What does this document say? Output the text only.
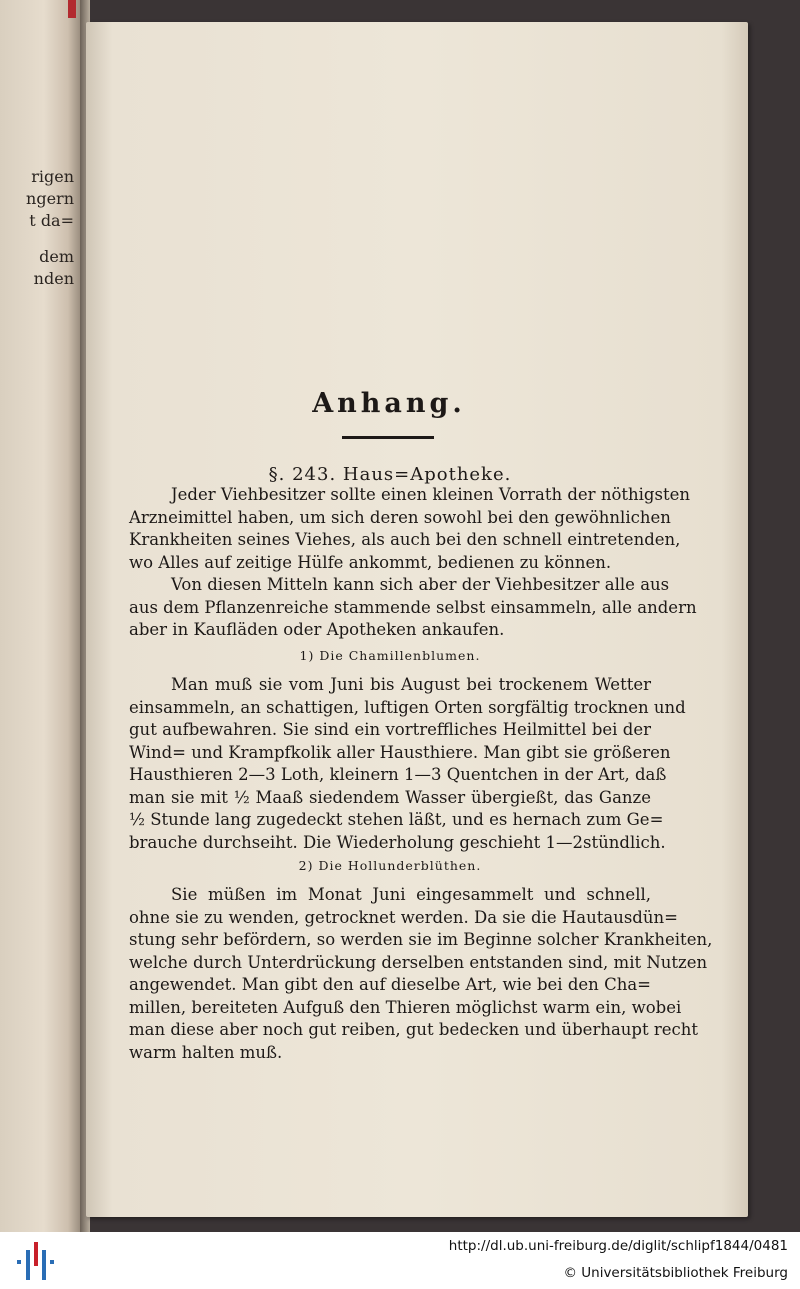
rigen
ngern
t da=
dem
nden
Anhang.
§. 243. Haus=Apotheke.
Jeder Viehbesitzer sollte einen kleinen Vorrath der nöthigsten
Arzneimittel haben, um sich deren sowohl bei den gewöhnlichen
Krankheiten seines Viehes, als auch bei den schnell eintretenden,
wo Alles auf zeitige Hülfe ankommt, bedienen zu können.
Von diesen Mitteln kann sich aber der Viehbesitzer alle aus
aus dem Pflanzenreiche stammende selbst einsammeln, alle andern
aber in Kaufläden oder Apotheken ankaufen.
1) Die Chamillenblumen.
Man muß sie vom Juni bis August bei trockenem Wetter
einsammeln, an schattigen, luftigen Orten sorgfältig trocknen und
gut aufbewahren. Sie sind ein vortreffliches Heilmittel bei der
Wind= und Krampfkolik aller Hausthiere. Man gibt sie größeren
Hausthieren 2—3 Loth, kleinern 1—3 Quentchen in der Art, daß
man sie mit ½ Maaß siedendem Wasser übergießt, das Ganze
½ Stunde lang zugedeckt stehen läßt, und es hernach zum Ge=
brauche durchseiht. Die Wiederholung geschieht 1—2stündlich.
2) Die Hollunderblüthen.
Sie müßen im Monat Juni eingesammelt und schnell,
ohne sie zu wenden, getrocknet werden. Da sie die Hautausdün=
stung sehr befördern, so werden sie im Beginne solcher Krankheiten,
welche durch Unterdrückung derselben entstanden sind, mit Nutzen
angewendet. Man gibt den auf dieselbe Art, wie bei den Cha=
millen, bereiteten Aufguß den Thieren möglichst warm ein, wobei
man diese aber noch gut reiben, gut bedecken und überhaupt recht
warm halten muß.
http://dl.ub.uni-freiburg.de/diglit/schlipf1844/0481
© Universitätsbibliothek Freiburg
